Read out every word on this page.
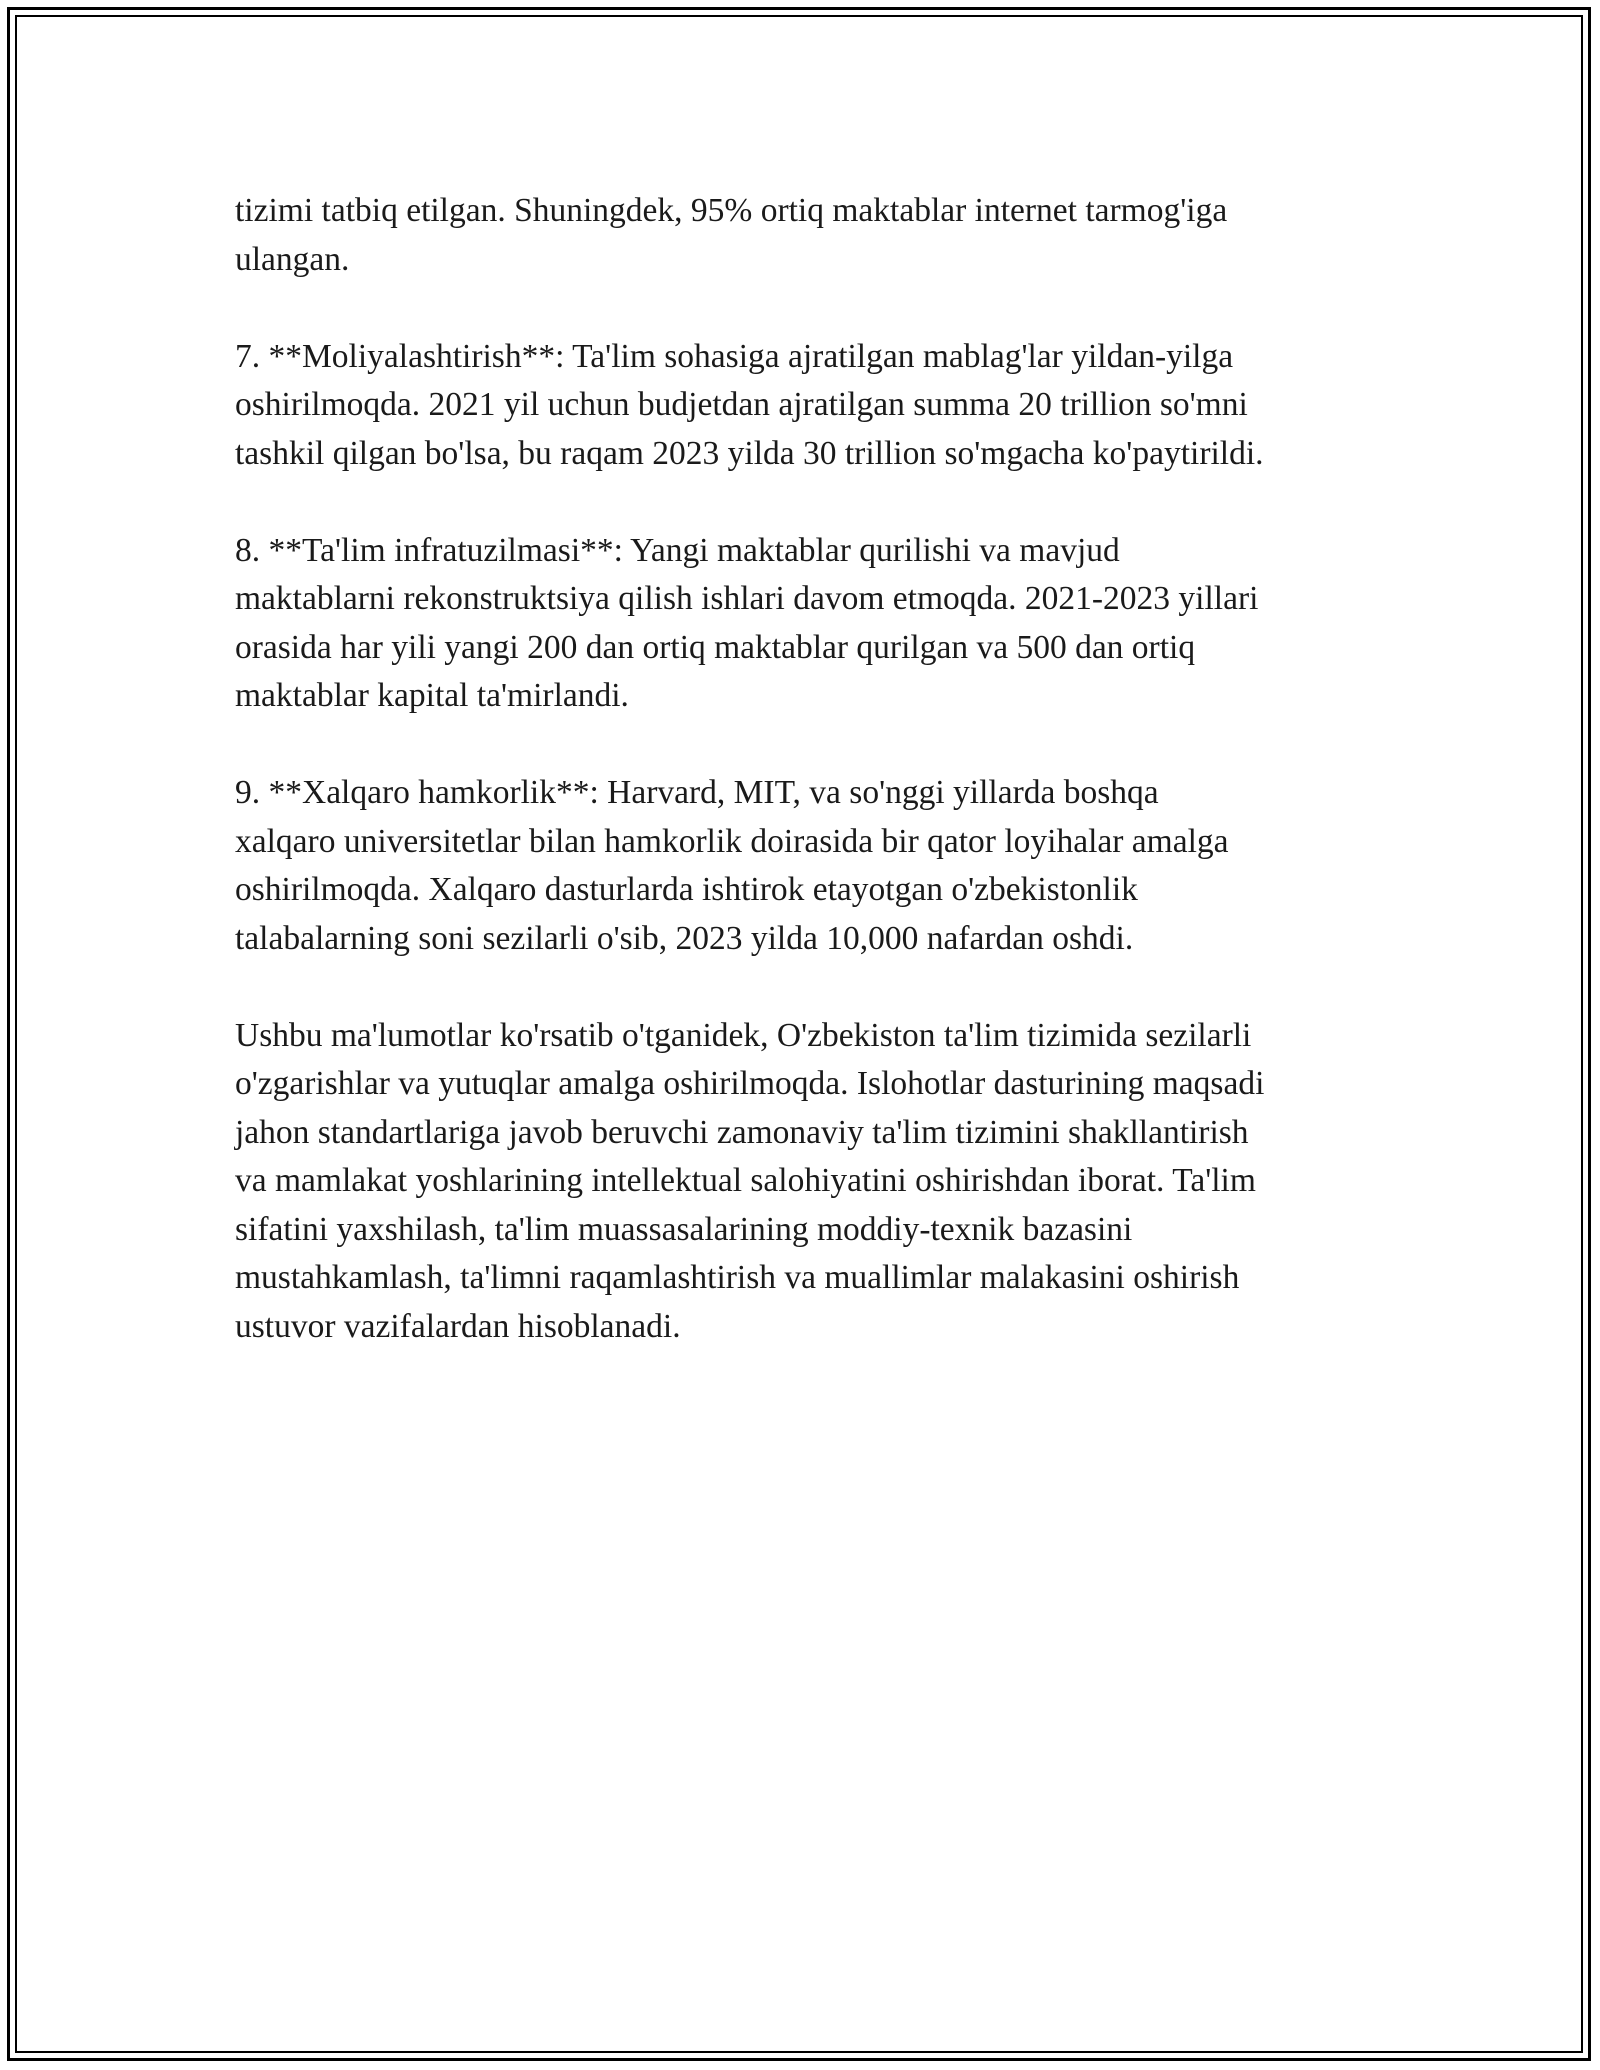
tizimi tatbiq etilgan. Shuningdek, 95% ortiq maktablar internet tarmog'iga
ulangan.

7. **Moliyalashtirish**: Ta'lim sohasiga ajratilgan mablag'lar yildan-yilga
oshirilmoqda. 2021 yil uchun budjetdan ajratilgan summa 20 trillion so'mni
tashkil qilgan bo'lsa, bu raqam 2023 yilda 30 trillion so'mgacha ko'paytirildi.

8. **Ta'lim infratuzilmasi**: Yangi maktablar qurilishi va mavjud
maktablarni rekonstruktsiya qilish ishlari davom etmoqda. 2021-2023 yillari
orasida har yili yangi 200 dan ortiq maktablar qurilgan va 500 dan ortiq
maktablar kapital ta'mirlandi.

9. **Xalqaro hamkorlik**: Harvard, MIT, va so'nggi yillarda boshqa
xalqaro universitetlar bilan hamkorlik doirasida bir qator loyihalar amalga
oshirilmoqda. Xalqaro dasturlarda ishtirok etayotgan o'zbekistonlik
talabalarning soni sezilarli o'sib, 2023 yilda 10,000 nafardan oshdi.

Ushbu ma'lumotlar ko'rsatib o'tganidek, O'zbekiston ta'lim tizimida sezilarli
o'zgarishlar va yutuqlar amalga oshirilmoqda. Islohotlar dasturining maqsadi
jahon standartlariga javob beruvchi zamonaviy ta'lim tizimini shakllantirish
va mamlakat yoshlarining intellektual salohiyatini oshirishdan iborat. Ta'lim
sifatini yaxshilash, ta'lim muassasalarining moddiy-texnik bazasini
mustahkamlash, ta'limni raqamlashtirish va muallimlar malakasini oshirish
ustuvor vazifalardan hisoblanadi.
